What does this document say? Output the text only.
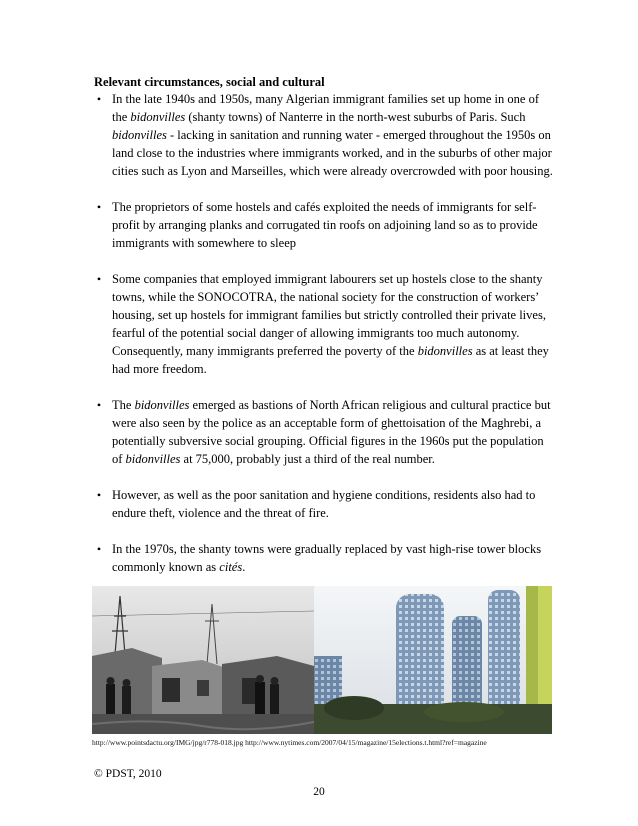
Relevant circumstances, social and cultural
• In the late 1940s and 1950s, many Algerian immigrant families set up home in one of the bidonvilles (shanty towns) of Nanterre in the north-west suburbs of Paris. Such bidonvilles - lacking in sanitation and running water - emerged throughout the 1950s on land close to the industries where immigrants worked, and in the suburbs of other major cities such as Lyon and Marseilles, which were already overcrowded with poor housing.
• The proprietors of some hostels and cafés exploited the needs of immigrants for self-profit by arranging planks and corrugated tin roofs on adjoining land so as to provide immigrants with somewhere to sleep
• Some companies that employed immigrant labourers set up hostels close to the shanty towns, while the SONOCOTRA, the national society for the construction of workers’ housing, set up hostels for immigrant families but strictly controlled their private lives, fearful of the potential social danger of allowing immigrants too much autonomy. Consequently, many immigrants preferred the poverty of the bidonvilles as at least they had more freedom.
• The bidonvilles emerged as bastions of North African religious and cultural practice but were also seen by the police as an acceptable form of ghettoisation of the Maghrebi, a potentially subversive social grouping. Official figures in the 1960s put the population of bidonvilles at 75,000, probably just a third of the real number.
• However, as well as the poor sanitation and hygiene conditions, residents also had to endure theft, violence and the threat of fire.
• In the 1970s, the shanty towns were gradually replaced by vast high-rise tower blocks commonly known as cités.
http://www.pointsdactu.org/IMG/jpg/r778-018.jpg http://www.nytimes.com/2007/04/15/magazine/15elections.t.html?ref=magazine
© PDST, 2010
20
